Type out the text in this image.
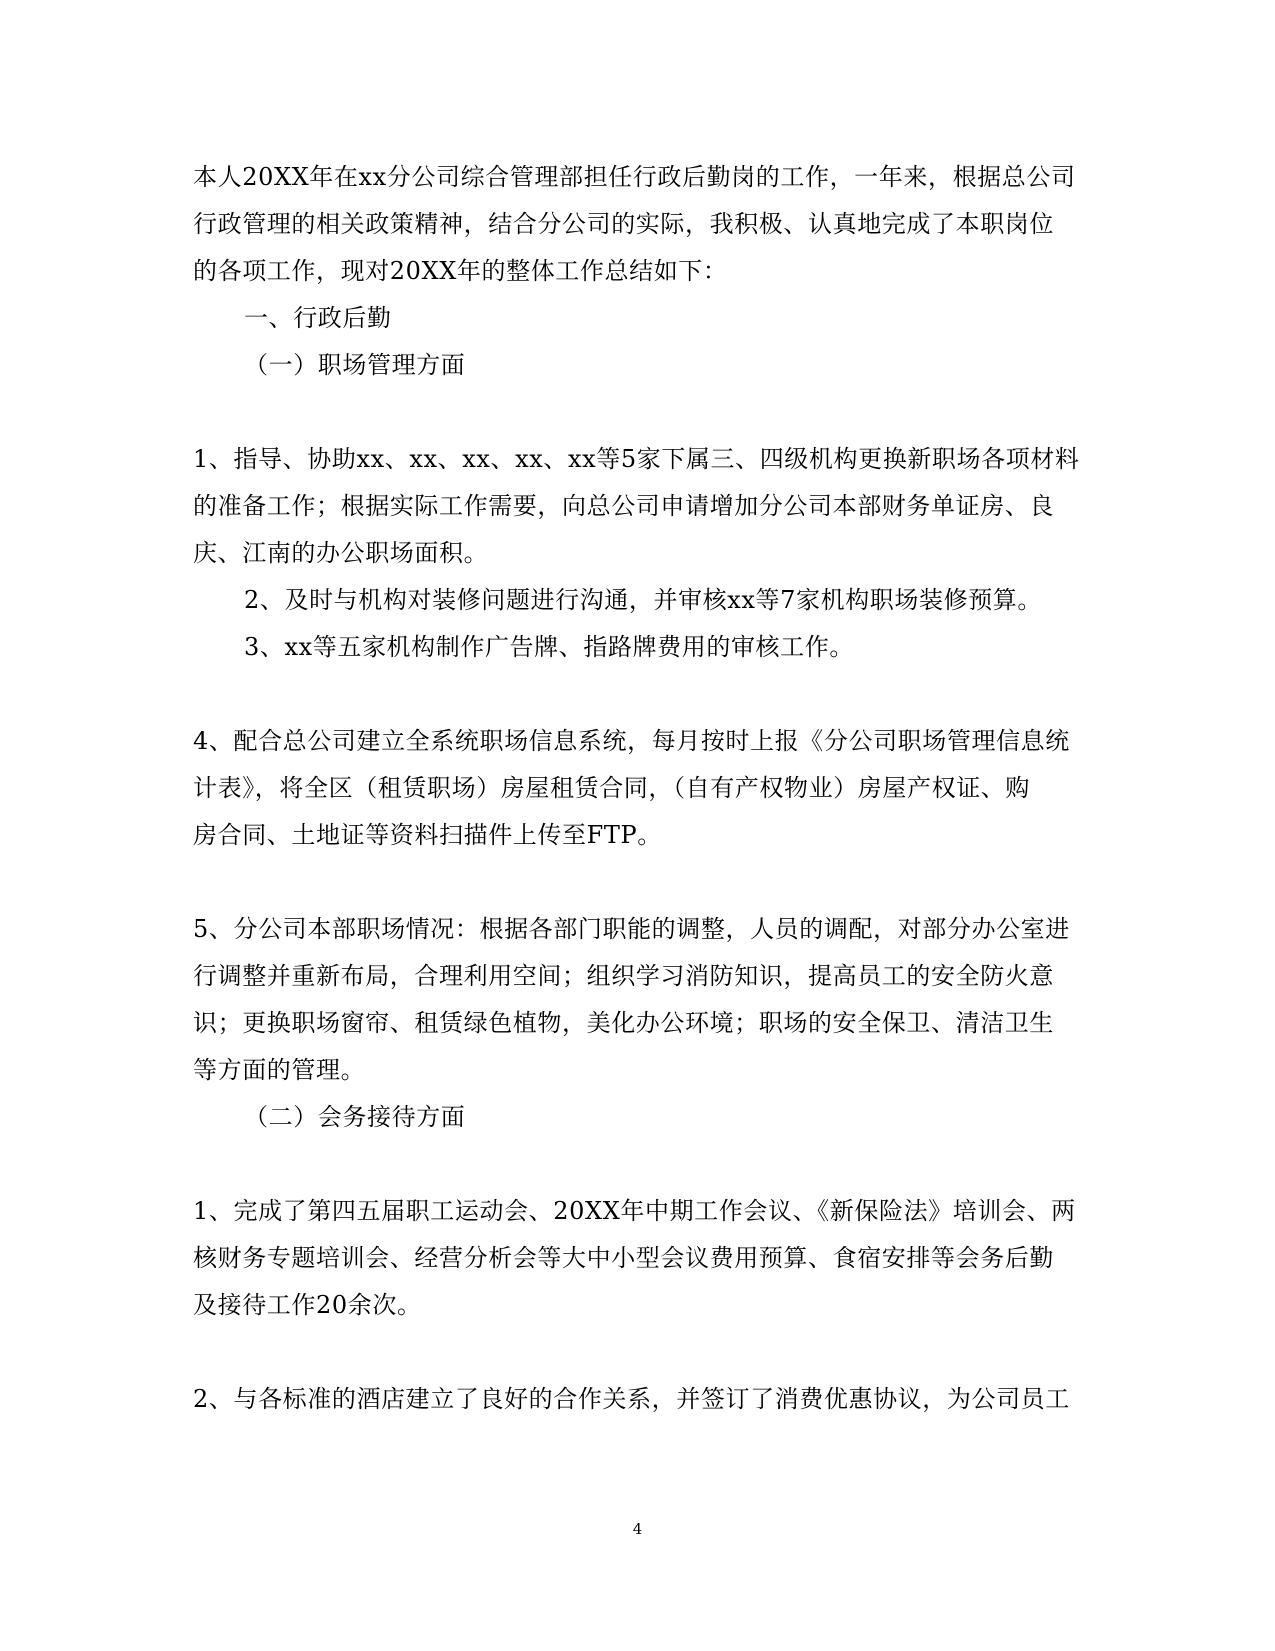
本人20XX年在xx分公司综合管理部担任行政后勤岗的工作，一年来，根据总公司
行政管理的相关政策精神，结合分公司的实际，我积极、认真地完成了本职岗位
的各项工作，现对20XX年的整体工作总结如下：
一、行政后勤
（一）职场管理方面
1、指导、协助xx、xx、xx、xx、xx等5家下属三、四级机构更换新职场各项材料
的准备工作；根据实际工作需要，向总公司申请增加分公司本部财务单证房、良
庆、江南的办公职场面积。
2、及时与机构对装修问题进行沟通，并审核xx等7家机构职场装修预算。
3、xx等五家机构制作广告牌、指路牌费用的审核工作。
4、配合总公司建立全系统职场信息系统，每月按时上报《分公司职场管理信息统
计表》，将全区（租赁职场）房屋租赁合同，（自有产权物业）房屋产权证、购
房合同、土地证等资料扫描件上传至FTP。
5、分公司本部职场情况：根据各部门职能的调整，人员的调配，对部分办公室进
行调整并重新布局，合理利用空间；组织学习消防知识，提高员工的安全防火意
识；更换职场窗帘、租赁绿色植物，美化办公环境；职场的安全保卫、清洁卫生
等方面的管理。
（二）会务接待方面
1、完成了第四五届职工运动会、20XX年中期工作会议、《新保险法》培训会、两
核财务专题培训会、经营分析会等大中小型会议费用预算、食宿安排等会务后勤
及接待工作20余次。
2、与各标准的酒店建立了良好的合作关系，并签订了消费优惠协议，为公司员工
4
